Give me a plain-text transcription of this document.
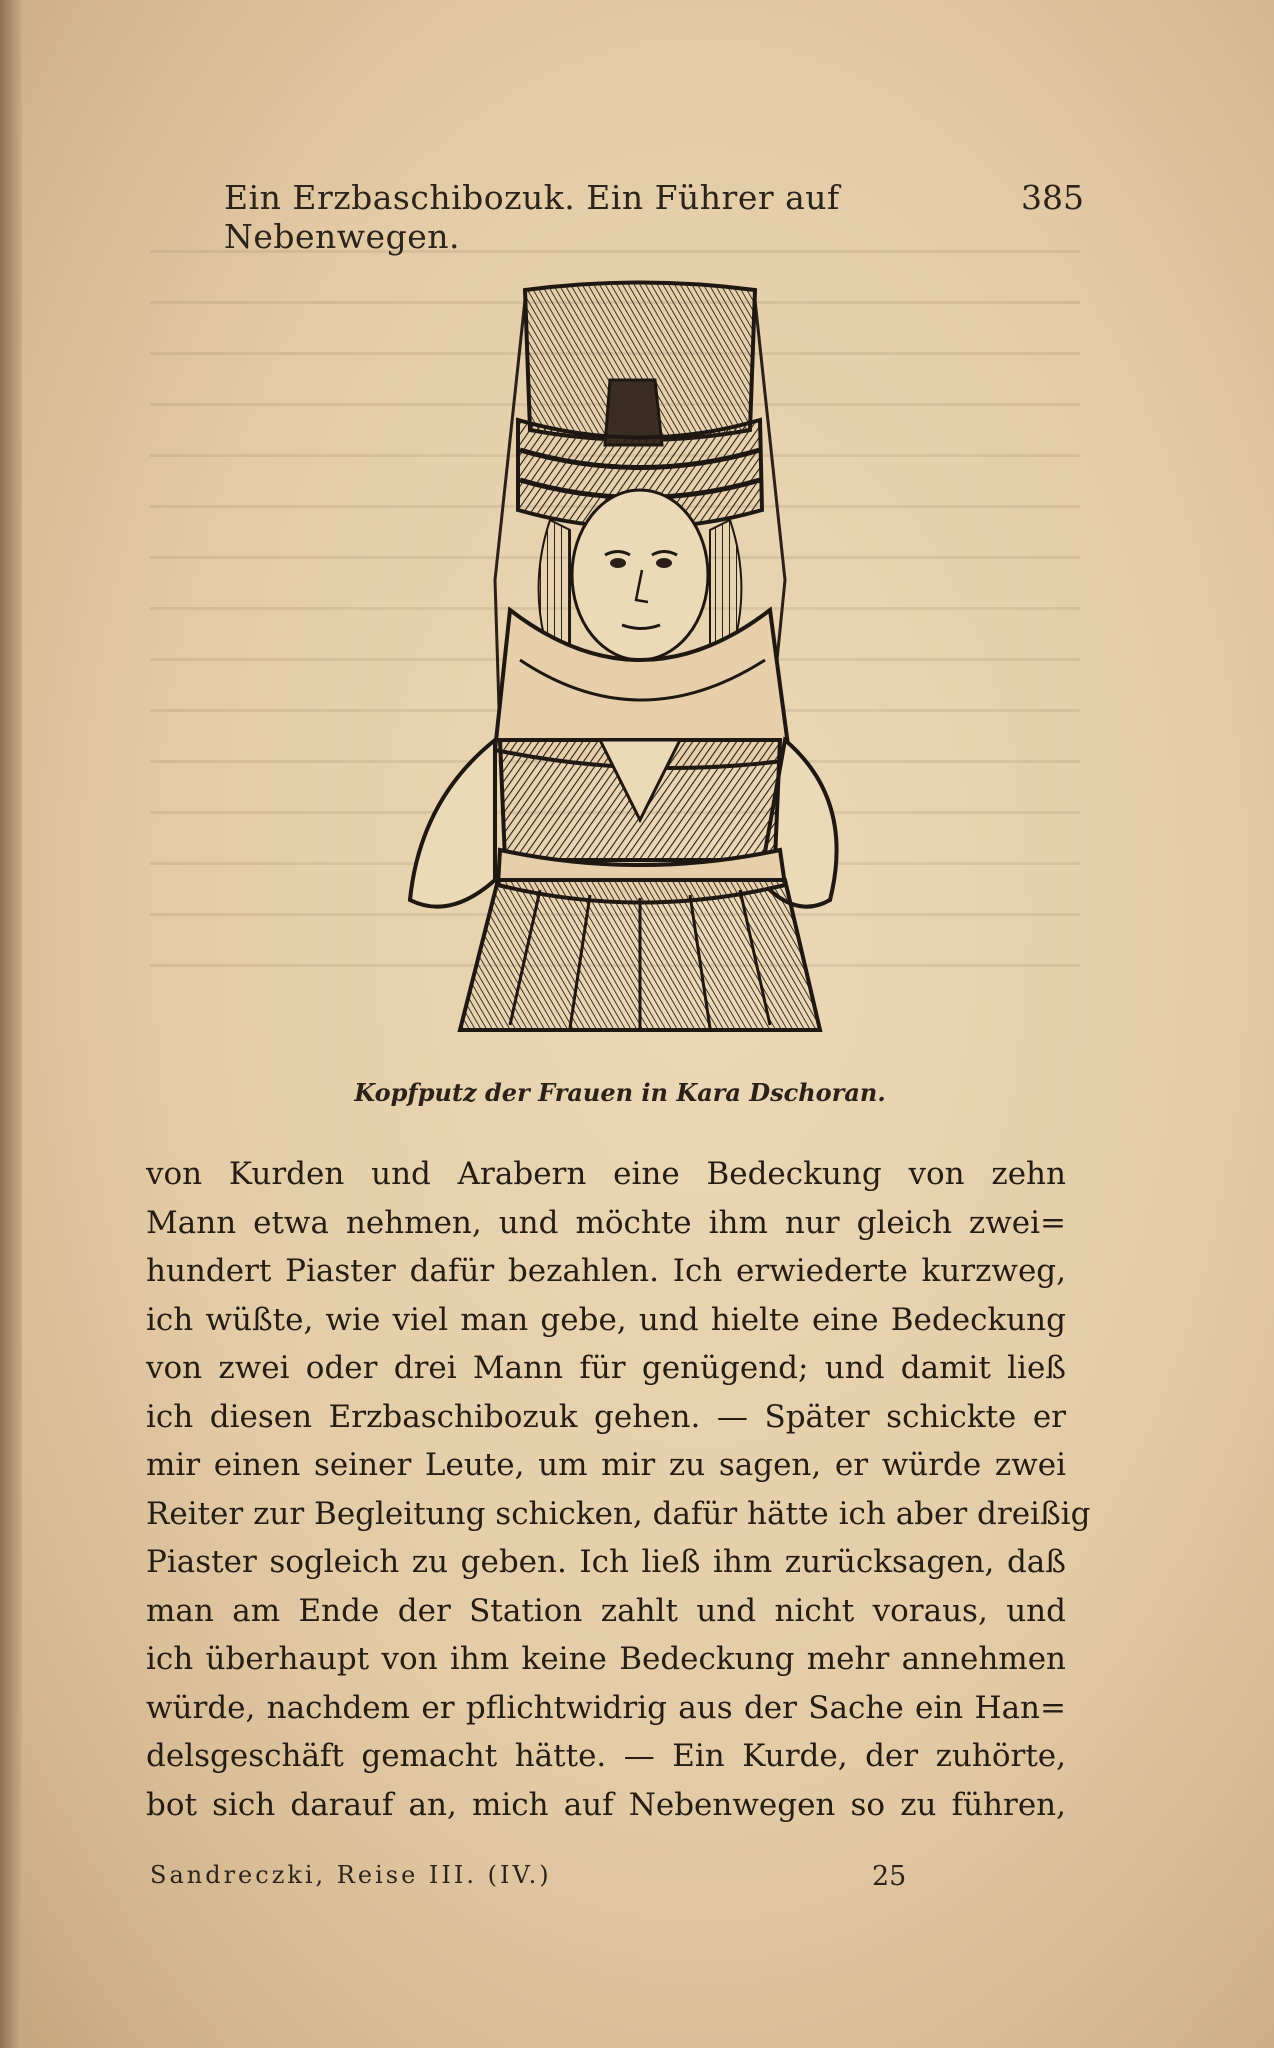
Ein Erzbaschibozuk. Ein Führer auf Nebenwegen.
385
Kopfputz der Frauen in Kara Dschoran.
von Kurden und Arabern eine Bedeckung von zehn
Mann etwa nehmen, und möchte ihm nur gleich zwei=
hundert Piaster dafür bezahlen. Ich erwiederte kurzweg,
ich wüßte, wie viel man gebe, und hielte eine Bedeckung
von zwei oder drei Mann für genügend; und damit ließ
ich diesen Erzbaschibozuk gehen. — Später schickte er
mir einen seiner Leute, um mir zu sagen, er würde zwei
Reiter zur Begleitung schicken, dafür hätte ich aber dreißig
Piaster sogleich zu geben. Ich ließ ihm zurücksagen, daß
man am Ende der Station zahlt und nicht voraus, und
ich überhaupt von ihm keine Bedeckung mehr annehmen
würde, nachdem er pflichtwidrig aus der Sache ein Han=
delsgeschäft gemacht hätte. — Ein Kurde, der zuhörte,
bot sich darauf an, mich auf Nebenwegen so zu führen,
Sandreczki, Reise III. (IV.)	25
